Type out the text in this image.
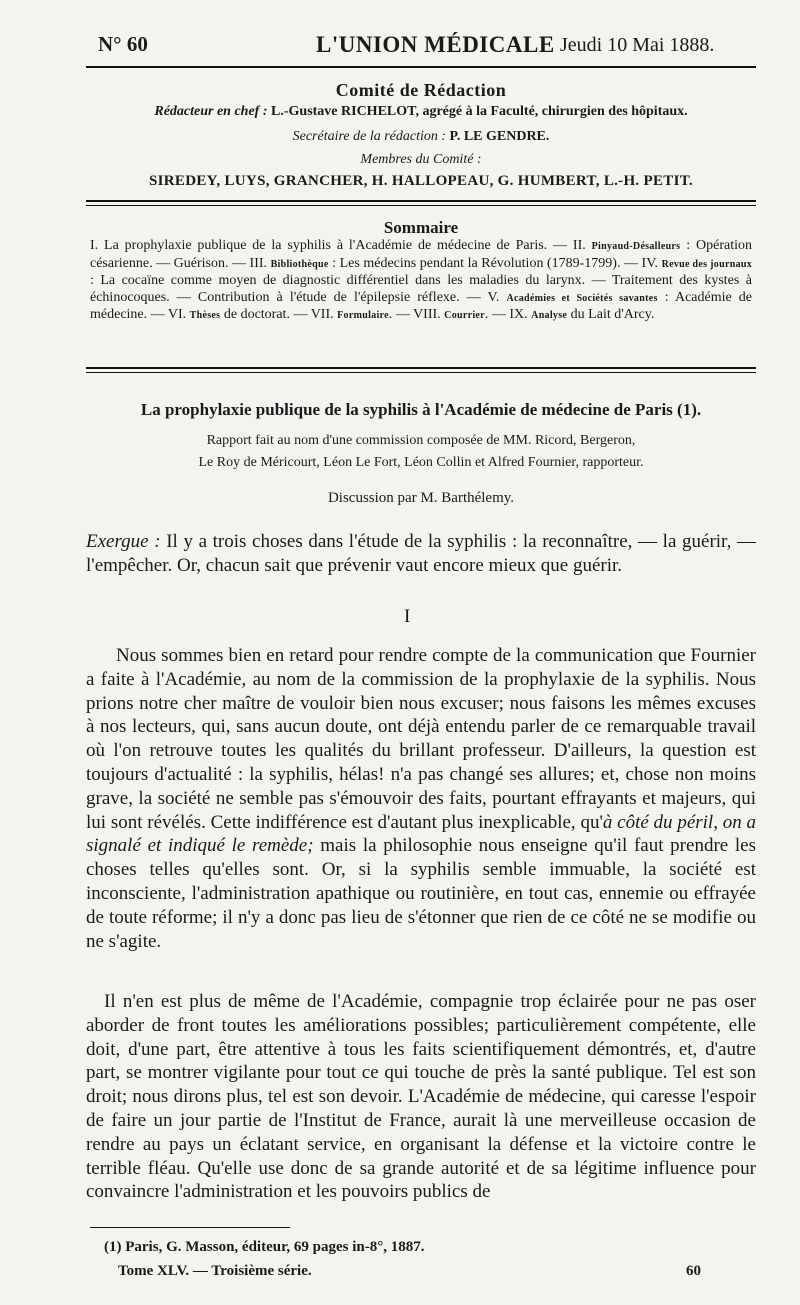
N° 60	L'UNION MÉDICALE Jeudi 10 Mai 1888.
Comité de Rédaction
Rédacteur en chef : L.-Gustave RICHELOT, agrégé à la Faculté, chirurgien des hôpitaux.
Secrétaire de la rédaction : P. LE GENDRE.
Membres du Comité :
SIREDEY, LUYS, GRANCHER, H. HALLOPEAU, G. HUMBERT, L.-H. PETIT.
Sommaire
I. La prophylaxie publique de la syphilis à l'Académie de médecine de Paris. — II. Pinyaud-Désalleurs : Opération césarienne. — Guérison. — III. Bibliothèque : Les médecins pendant la Révolution (1789-1799). — IV. Revue des journaux : La cocaïne comme moyen de diagnostic différentiel dans les maladies du larynx. — Traitement des kystes à échinocoques. — Contribution à l'étude de l'épilepsie réflexe. — V. Académies et Sociétés savantes : Académie de médecine. — VI. Thèses de doctorat. — VII. Formulaire. — VIII. Courrier. — IX. Analyse du Lait d'Arcy.
La prophylaxie publique de la syphilis à l'Académie de médecine de Paris (1).
Rapport fait au nom d'une commission composée de MM. Ricord, Bergeron,
Le Roy de Méricourt, Léon Le Fort, Léon Collin et Alfred Fournier, rapporteur.
Discussion par M. Barthélemy.
Exergue : Il y a trois choses dans l'étude de la syphilis : la reconnaître, — la guérir, — l'empêcher. Or, chacun sait que prévenir vaut encore mieux que guérir.
I
Nous sommes bien en retard pour rendre compte de la communication que Fournier a faite à l'Académie, au nom de la commission de la prophylaxie de la syphilis. Nous prions notre cher maître de vouloir bien nous excuser; nous faisons les mêmes excuses à nos lecteurs, qui, sans aucun doute, ont déjà entendu parler de ce remarquable travail où l'on retrouve toutes les qualités du brillant professeur. D'ailleurs, la question est toujours d'actualité : la syphilis, hélas! n'a pas changé ses allures; et, chose non moins grave, la société ne semble pas s'émouvoir des faits, pourtant effrayants et majeurs, qui lui sont révélés. Cette indifférence est d'autant plus inexplicable, qu'à côté du péril, on a signalé et indiqué le remède; mais la philosophie nous enseigne qu'il faut prendre les choses telles qu'elles sont. Or, si la syphilis semble immuable, la société est inconsciente, l'administration apathique ou routinière, en tout cas, ennemie ou effrayée de toute réforme; il n'y a donc pas lieu de s'étonner que rien de ce côté ne se modifie ou ne s'agite.
Il n'en est plus de même de l'Académie, compagnie trop éclairée pour ne pas oser aborder de front toutes les améliorations possibles; particulièrement compétente, elle doit, d'une part, être attentive à tous les faits scientifiquement démontrés, et, d'autre part, se montrer vigilante pour tout ce qui touche de près la santé publique. Tel est son droit; nous dirons plus, tel est son devoir. L'Académie de médecine, qui caresse l'espoir de faire un jour partie de l'Institut de France, aurait là une merveilleuse occasion de rendre au pays un éclatant service, en organisant la défense et la victoire contre le terrible fléau. Qu'elle use donc de sa grande autorité et de sa légitime influence pour convaincre l'administration et les pouvoirs publics de
(1) Paris, G. Masson, éditeur, 69 pages in-8°, 1887.
Tome XLV. — Troisième série.	60
